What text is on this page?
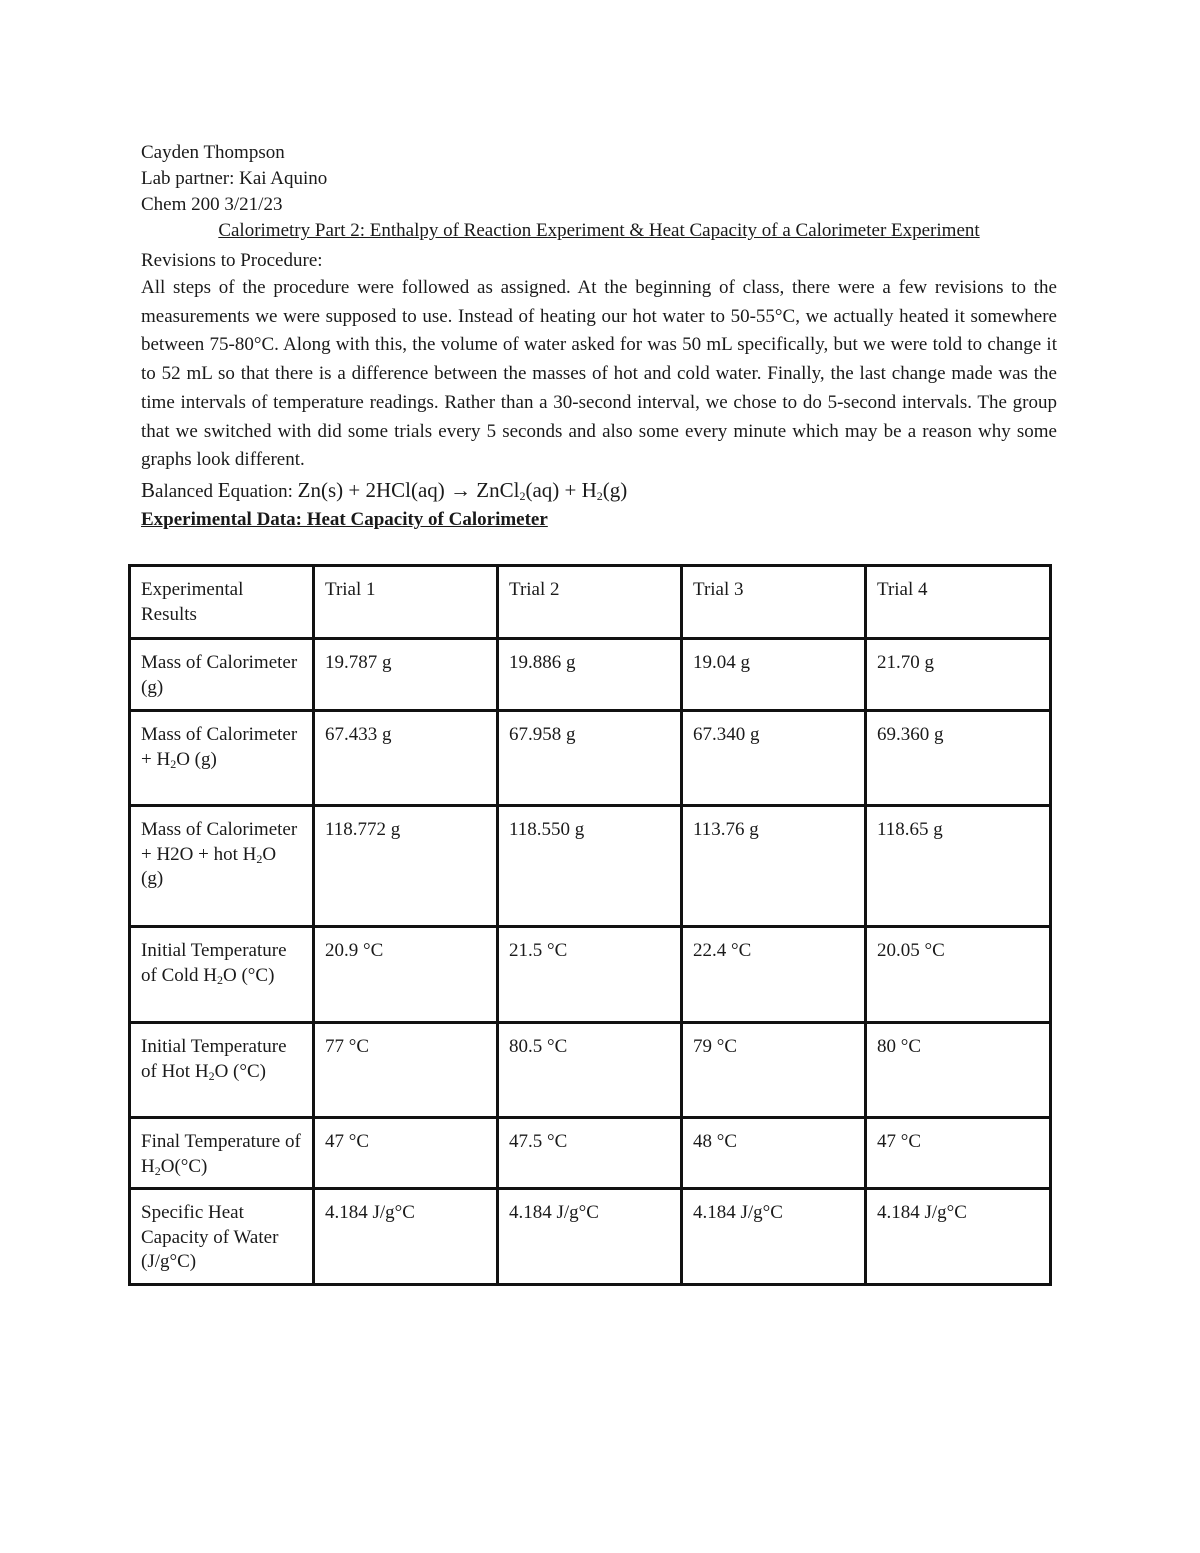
Cayden Thompson

Lab partner: Kai Aquino

Chem 200 3/21/23

Calorimetry Part 2: Enthalpy of Reaction Experiment & Heat Capacity of a Calorimeter Experiment

Revisions to Procedure:

All steps of the procedure were followed as assigned. At the beginning of class, there were a few revisions to the measurements we were supposed to use. Instead of heating our hot water to 50-55°C, we actually heated it somewhere between 75-80°C. Along with this, the volume of water asked for was 50 mL specifically, but we were told to change it to 52 mL so that there is a difference between the masses of hot and cold water. Finally, the last change made was the time intervals of temperature readings. Rather than a 30-second interval, we chose to do 5-second intervals. The group that we switched with did some trials every 5 seconds and also some every minute which may be a reason why some graphs look different.

Balanced Equation: Zn(s) + 2HCl(aq) → ZnCl$_2$(aq) + $H_2(g)$

Experimental Data: Heat Capacity of Calorimeter

Experimental Results	Trial 1	Trial 2	Trial 3	Trial 4
Mass of Calorimeter (g)	19.787 g	19.886 g	19.04 g	21.70 g
Mass of Calorimeter + $H_2O$ (g)	67.433 g	67.958 g	67.340 g	69.360 g
Mass of Calorimeter + H2O + hot $H_2O$ (g)	118.772 g	118.550 g	113.76 g	118.65 g
Initial Temperature of Cold $H_2O$ (°C)	20.9 °C	21.5 °C	22.4 °C	20.05 °C
Initial Temperature of Hot $H_2O$ (°C)	77 °C	80.5 °C	79 °C	80 °C
Final Temperature of $H_2O(^\circ C)$	47 °C	47.5 °C	48 °C	47 °C
Specific Heat Capacity of Water (J/g°C)	4.184 J/g°C	4.184 J/g°C	4.184 J/g°C	4.184 J/g°C
